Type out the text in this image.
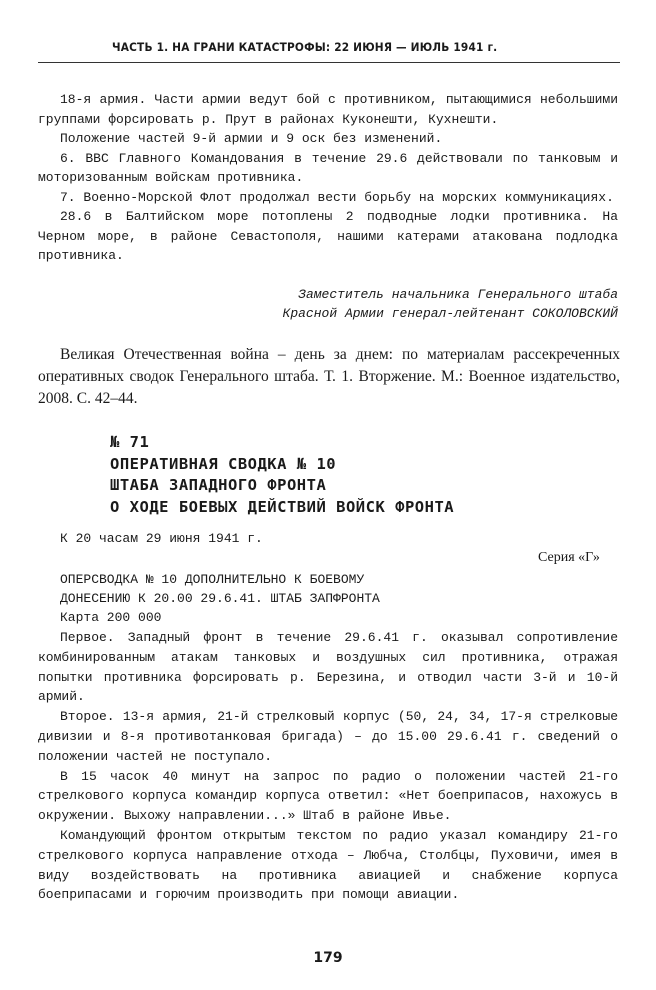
ЧАСТЬ 1. НА ГРАНИ КАТАСТРОФЫ: 22 ИЮНЯ — ИЮЛЬ 1941 г.

18-я армия. Части армии ведут бой с противником, пытающимися небольшими группами форсировать р. Прут в районах Куконешти, Кухнешти.

Положение частей 9-й армии и 9 оск без изменений.

6. ВВС Главного Командования в течение 29.6 действовали по танковым и моторизованным войскам противника.

7. Военно-Морской Флот продолжал вести борьбу на морских коммуникациях.

28.6 в Балтийском море потоплены 2 подводные лодки противника. На Черном море, в районе Севастополя, нашими катерами атакована подлодка противника.

Заместитель начальника Генерального штаба
Красной Армии генерал-лейтенант СОКОЛОВСКИЙ
Великая Отечественная война – день за днем: по материалам рассекреченных оперативных сводок Генерального штаба. Т. 1. Вторжение. М.: Военное издательство, 2008. С. 42–44.
№ 71
ОПЕРАТИВНАЯ СВОДКА № 10
ШТАБА ЗАПАДНОГО ФРОНТА
О ХОДЕ БОЕВЫХ ДЕЙСТВИЙ ВОЙСК ФРОНТА
К 20 часам 29 июня 1941 г.
Серия «Г»
ОПЕРСВОДКА № 10 ДОПОЛНИТЕЛЬНО К БОЕВОМУ
ДОНЕСЕНИЮ К 20.00 29.6.41. ШТАБ ЗАПФРОНТА
Карта 200 000

Первое. Западный фронт в течение 29.6.41 г. оказывал сопротивление комбинированным атакам танковых и воздушных сил противника, отражая попытки противника форсировать р. Березина, и отводил части 3-й и 10-й армий.

Второе. 13-я армия, 21-й стрелковый корпус (50, 24, 34, 17-я стрелковые дивизии и 8-я противотанковая бригада) – до 15.00 29.6.41 г. сведений о положении частей не поступало.

В 15 часок 40 минут на запрос по радио о положении частей 21-го стрелкового корпуса командир корпуса ответил: «Нет боеприпасов, нахожусь в окружении. Выхожу направлении...» Штаб в районе Ивье.

Командующий фронтом открытым текстом по радио указал командиру 21-го стрелкового корпуса направление отхода – Любча, Столбцы, Пуховичи, имея в виду воздействовать на противника авиацией и снабжение корпуса боеприпасами и горючим производить при помощи авиации.

179
